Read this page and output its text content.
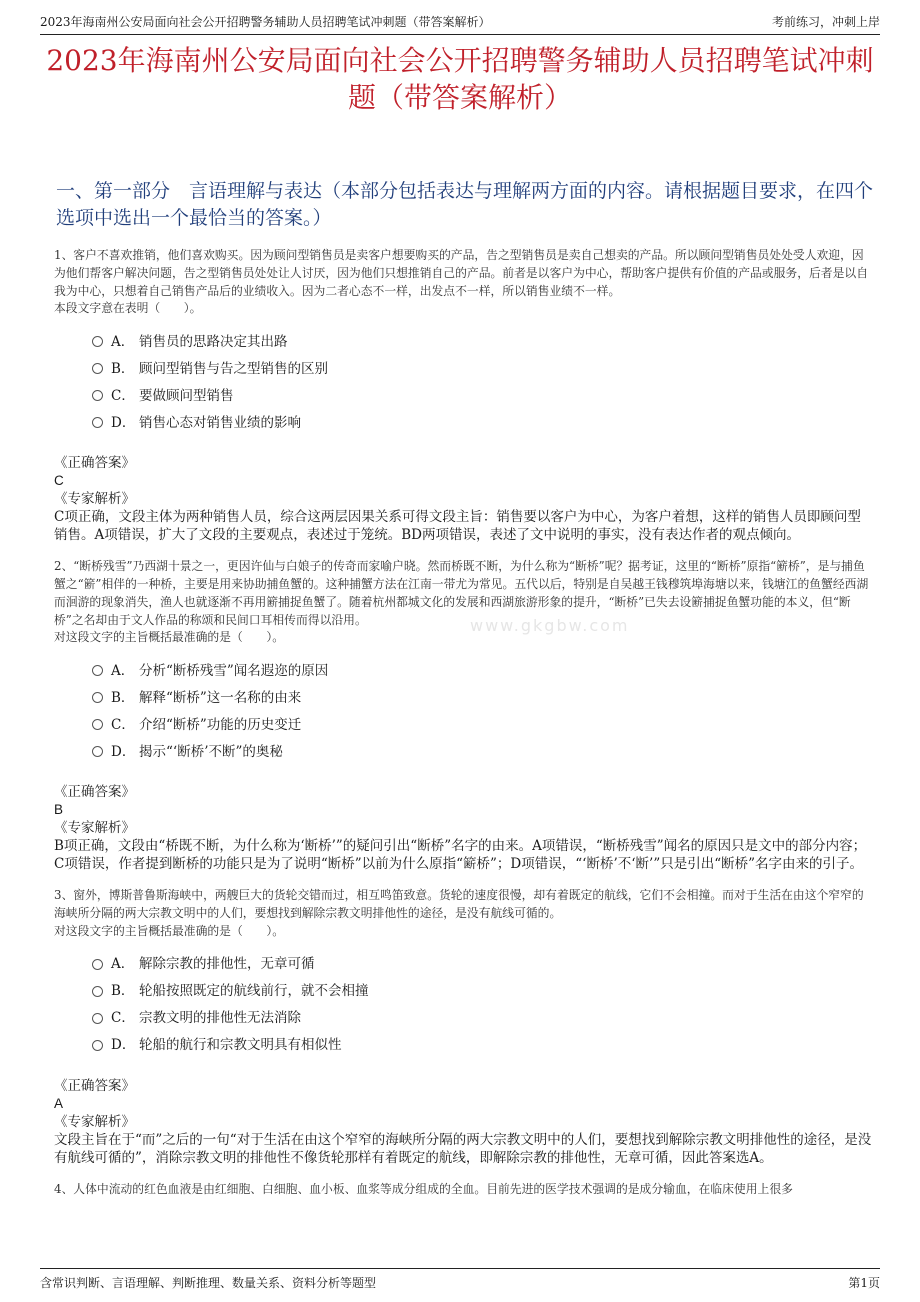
2023年海南州公安局面向社会公开招聘警务辅助人员招聘笔试冲刺题（带答案解析）	考前练习，冲刺上岸
2023年海南州公安局面向社会公开招聘警务辅助人员招聘笔试冲刺题（带答案解析）
一、第一部分　言语理解与表达（本部分包括表达与理解两方面的内容。请根据题目要求，在四个选项中选出一个最恰当的答案。）
www.gkgbw.com
1、客户不喜欢推销，他们喜欢购买。因为顾问型销售员是卖客户想要购买的产品，告之型销售员是卖自己想卖的产品。所以顾问型销售员处处受人欢迎，因为他们帮客户解决问题，告之型销售员处处让人讨厌，因为他们只想推销自己的产品。前者是以客户为中心，帮助客户提供有价值的产品或服务，后者是以自我为中心，只想着自己销售产品后的业绩收入。因为二者心态不一样，出发点不一样，所以销售业绩不一样。
本段文字意在表明（　　）。
A． 销售员的思路决定其出路
B． 顾问型销售与告之型销售的区别
C． 要做顾问型销售
D． 销售心态对销售业绩的影响
《正确答案》
C
《专家解析》
C项正确，文段主体为两种销售人员，综合这两层因果关系可得文段主旨：销售要以客户为中心，为客户着想，这样的销售人员即顾问型销售。A项错误，扩大了文段的主要观点，表述过于笼统。BD两项错误，表述了文中说明的事实，没有表达作者的观点倾向。
2、“断桥残雪”乃西湖十景之一，更因许仙与白娘子的传奇而家喻户晓。然而桥既不断，为什么称为“断桥”呢？据考证，这里的“断桥”原指“簖桥”，是与捕鱼蟹之“簖”相伴的一种桥，主要是用来协助捕鱼蟹的。这种捕蟹方法在江南一带尤为常见。五代以后，特别是自吴越王钱穆筑埠海塘以来，钱塘江的鱼蟹经西湖而洄游的现象消失，渔人也就逐渐不再用簖捕捉鱼蟹了。随着杭州都城文化的发展和西湖旅游形象的提升，“断桥”已失去设簖捕捉鱼蟹功能的本义，但“断桥”之名却由于文人作品的称颂和民间口耳相传而得以沿用。
对这段文字的主旨概括最准确的是（　　）。
A． 分析“断桥残雪”闻名遐迩的原因
B． 解释“断桥”这一名称的由来
C． 介绍“断桥”功能的历史变迁
D． 揭示“‘断桥’不断”的奥秘
《正确答案》
B
《专家解析》
B项正确，文段由“桥既不断，为什么称为‘断桥’”的疑问引出“断桥”名字的由来。A项错误，“断桥残雪”闻名的原因只是文中的部分内容；C项错误，作者提到断桥的功能只是为了说明“断桥”以前为什么原指“簖桥”；D项错误，“‘断桥’不‘断’”只是引出“断桥”名字由来的引子。
3、窗外，博斯普鲁斯海峡中，两艘巨大的货轮交错而过，相互鸣笛致意。货轮的速度很慢，却有着既定的航线，它们不会相撞。而对于生活在由这个窄窄的海峡所分隔的两大宗教文明中的人们，要想找到解除宗教文明排他性的途径，是没有航线可循的。
对这段文字的主旨概括最准确的是（　　）。
A． 解除宗教的排他性，无章可循
B． 轮船按照既定的航线前行，就不会相撞
C． 宗教文明的排他性无法消除
D． 轮船的航行和宗教文明具有相似性
《正确答案》
A
《专家解析》
文段主旨在于“而”之后的一句“对于生活在由这个窄窄的海峡所分隔的两大宗教文明中的人们，要想找到解除宗教文明排他性的途径，是没有航线可循的”，消除宗教文明的排他性不像货轮那样有着既定的航线，即解除宗教的排他性，无章可循，因此答案选A。
4、人体中流动的红色血液是由红细胞、白细胞、血小板、血浆等成分组成的全血。目前先进的医学技术强调的是成分输血，在临床使用上很多
含常识判断、言语理解、判断推理、数量关系、资料分析等题型	第1页
